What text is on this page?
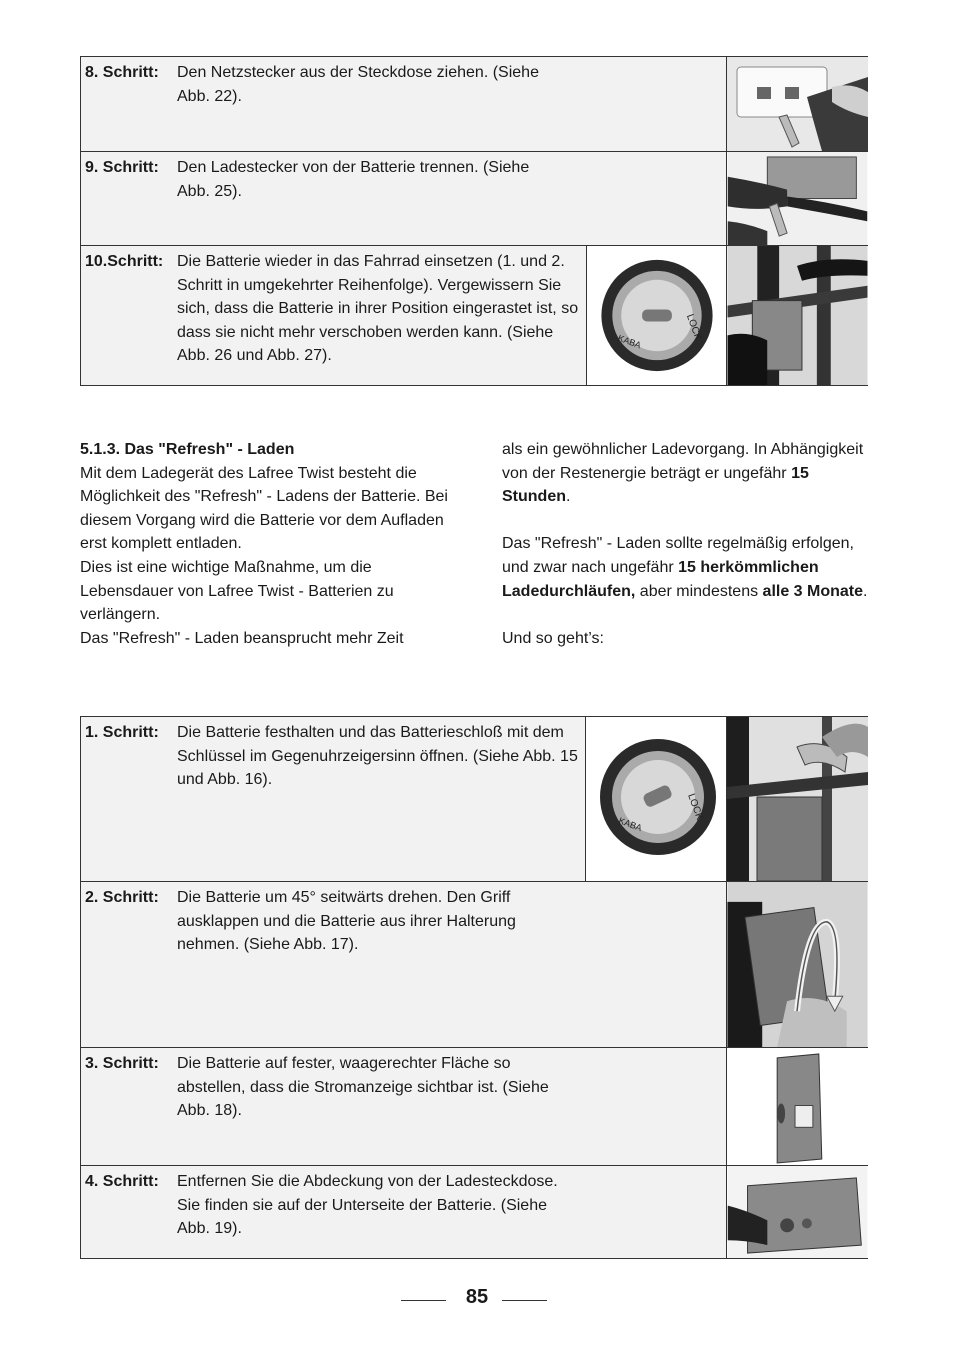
8. Schritt: Den Netzstecker aus der Steckdose ziehen. (Siehe Abb. 22).
9. Schritt: Den Ladestecker von der Batterie trennen. (Siehe Abb. 25).
10.Schritt: Die Batterie wieder in das Fahrrad einsetzen (1. und 2. Schritt in umgekehrter Reihenfolge). Vergewissern Sie sich, dass die Batterie in ihrer Position eingerastet ist, so dass sie nicht mehr verschoben werden kann. (Siehe Abb. 26 und Abb. 27).
LOCK
KABA

5.1.3. Das "Refresh" - Laden

Mit dem Ladegerät des Lafree Twist besteht die Möglichkeit des "Refresh" - Ladens der Batterie. Bei diesem Vorgang wird die Batterie vor dem Aufladen erst komplett entladen.

Dies ist eine wichtige Maßnahme, um die Lebensdauer von Lafree Twist - Batterien zu verlängern.

Das "Refresh" - Laden beansprucht mehr Zeit

als ein gewöhnlicher Ladevorgang. In Abhängigkeit von der Restenergie beträgt er ungefähr 15 Stunden.

Das "Refresh" - Laden sollte regelmäßig erfolgen, und zwar nach ungefähr 15 herkömmlichen Ladedurchläufen, aber mindestens alle 3 Monate.

Und so geht’s:

1. Schritt: Die Batterie festhalten und das Batterieschloß mit dem Schlüssel im Gegenuhrzeigersinn öffnen. (Siehe Abb. 15 und Abb. 16).
LOCK
KABA
2. Schritt: Die Batterie um 45° seitwärts drehen. Den Griff ausklappen und die Batterie aus ihrer Halterung nehmen. (Siehe Abb. 17).
3. Schritt: Die Batterie auf fester, waagerechter Fläche so abstellen, dass die Stromanzeige sichtbar ist. (Siehe Abb. 18).
4. Schritt: Entfernen Sie die Abdeckung von der Ladesteckdose. Sie finden sie auf der Unterseite der Batterie. (Siehe Abb. 19).
85
